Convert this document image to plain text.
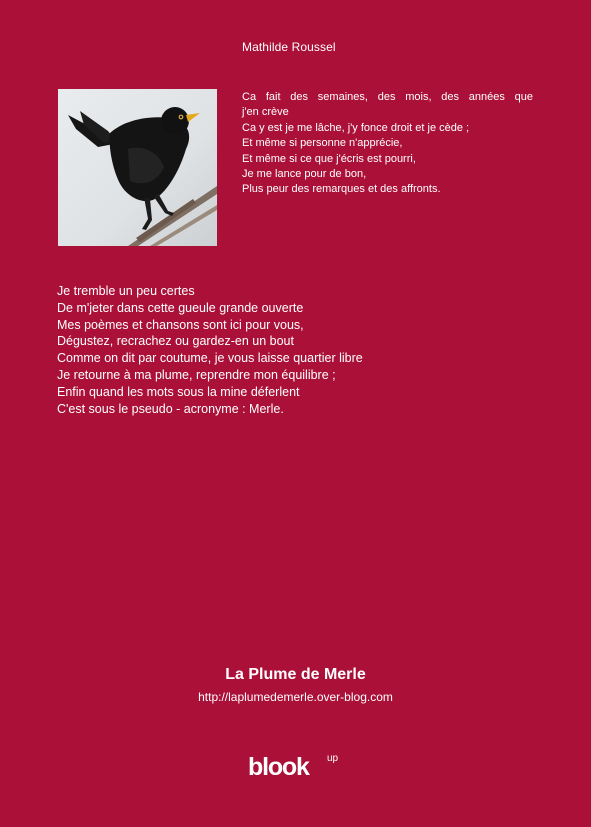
Mathilde Roussel
Ca fait des semaines, des mois, des années que
j'en crève
Ca y est je me lâche, j'y fonce droit et je cède ;
Et même si personne n'apprécie,
Et même si ce que j'écris est pourri,
Je me lance pour de bon,
Plus peur des remarques et des affronts.
Je tremble un peu certes
De m'jeter dans cette gueule grande ouverte
Mes poèmes et chansons sont ici pour vous,
Dégustez, recrachez ou gardez-en un bout
Comme on dit par coutume, je vous laisse quartier libre
Je retourne à ma plume, reprendre mon équilibre ;
Enfin quand les mots sous la mine déferlent
C'est sous le pseudo - acronyme : Merle.
La Plume de Merle
http://laplumedemerle.over-blog.com
blook up
